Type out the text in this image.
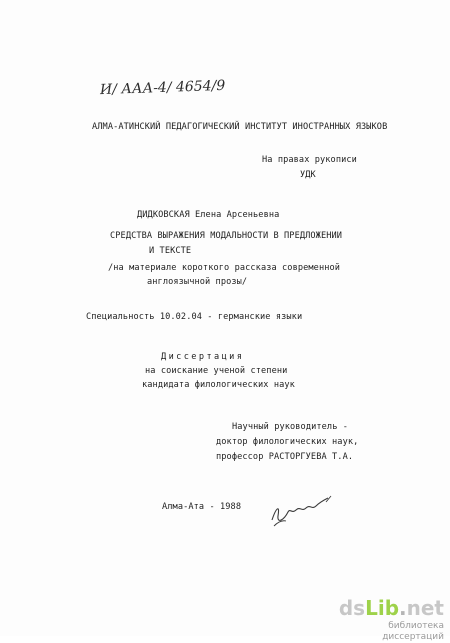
И/ ААА-4/ 4654/9
АЛМА-АТИНСКИЙ ПЕДАГОГИЧЕСКИЙ ИНСТИТУТ ИНОСТРАННЫХ ЯЗЫКОВ
На правах рукописи
УДК
ДИДКОВСКАЯ Елена Арсеньевна
СРЕДСТВА ВЫРАЖЕНИЯ МОДАЛЬНОСТИ В ПРЕДЛОЖЕНИИ
И ТЕКСТЕ
/на материале короткого рассказа современной
англоязычной прозы/
Специальность 10.02.04 - германские языки
Диссертация
на соискание ученой степени
кандидата филологических наук
Научный руководитель -
доктор филологических наук,
профессор РАСТОРГУЕВА Т.А.
Алма-Ата - 1988
dsLib.net
библиотека диссертаций
